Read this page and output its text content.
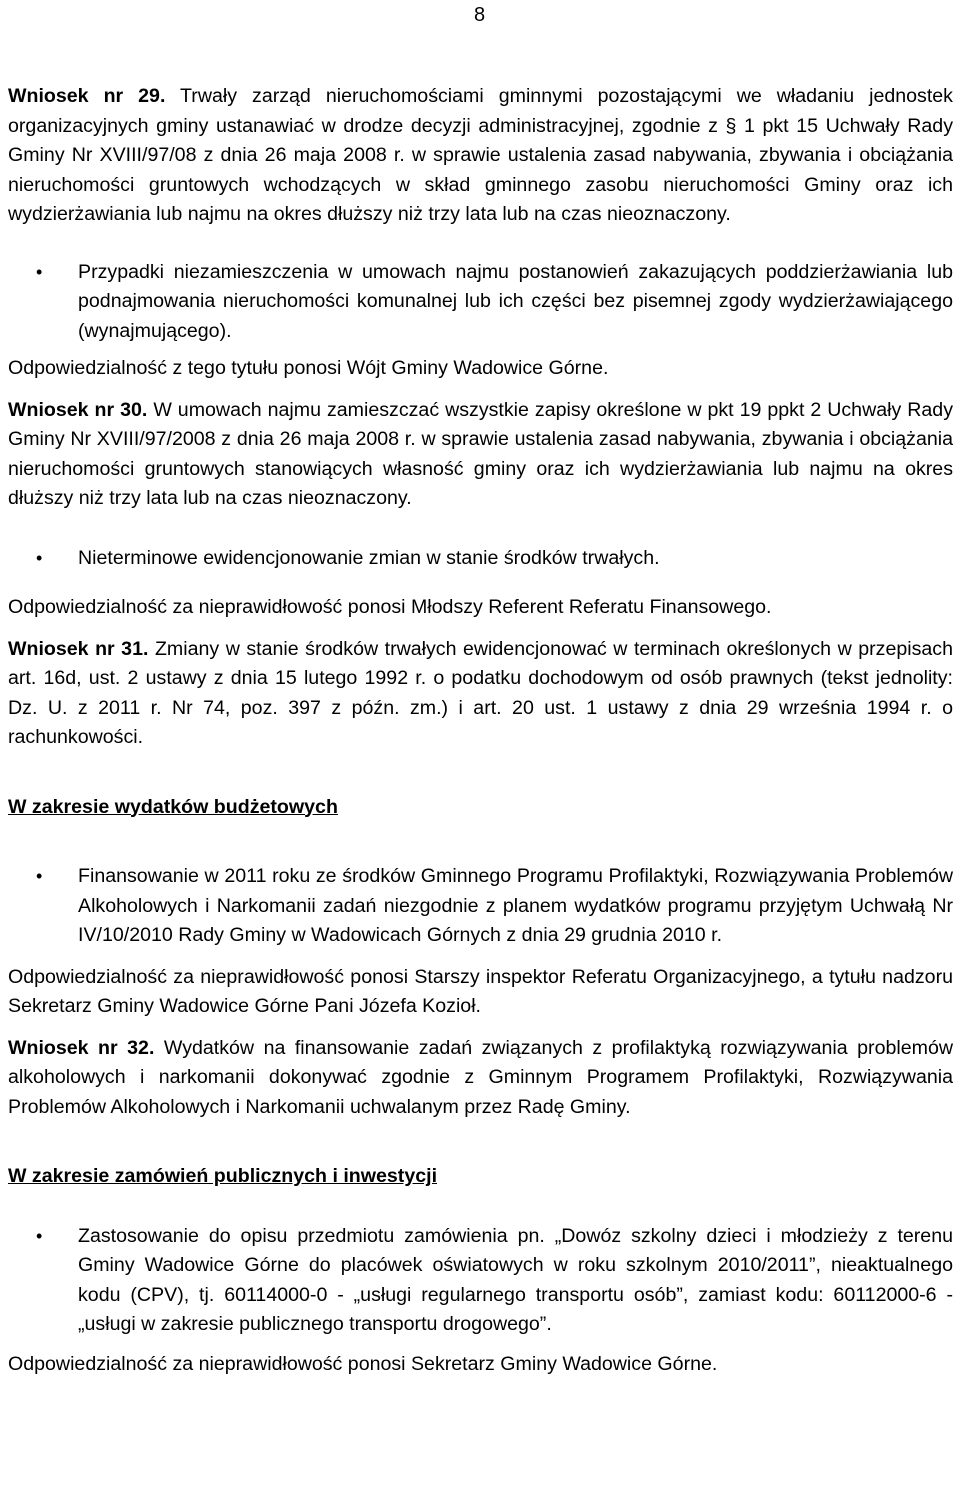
8

Wniosek nr 29. Trwały zarząd nieruchomościami gminnymi pozostającymi we władaniu jednostek organizacyjnych gminy ustanawiać w drodze decyzji administracyjnej, zgodnie z § 1 pkt 15 Uchwały Rady Gminy Nr XVIII/97/08 z dnia 26 maja 2008 r. w sprawie ustalenia zasad nabywania, zbywania i obciążania nieruchomości gruntowych wchodzących w skład gminnego zasobu nieruchomości Gminy oraz ich wydzierżawiania lub najmu na okres dłuższy niż trzy lata lub na czas nieoznaczony.

• Przypadki niezamieszczenia w umowach najmu postanowień zakazujących poddzierżawiania lub podnajmowania nieruchomości komunalnej lub ich części bez pisemnej zgody wydzierżawiającego (wynajmującego).

Odpowiedzialność z tego tytułu ponosi Wójt Gminy Wadowice Górne.

Wniosek nr 30. W umowach najmu zamieszczać wszystkie zapisy określone w pkt 19 ppkt 2 Uchwały Rady Gminy Nr XVIII/97/2008 z dnia 26 maja 2008 r. w sprawie ustalenia zasad nabywania, zbywania i obciążania nieruchomości gruntowych stanowiących własność gminy oraz ich wydzierżawiania lub najmu na okres dłuższy niż trzy lata lub na czas nieoznaczony.

• Nieterminowe ewidencjonowanie zmian w stanie środków trwałych.

Odpowiedzialność za nieprawidłowość ponosi Młodszy Referent Referatu Finansowego.

Wniosek nr 31. Zmiany w stanie środków trwałych ewidencjonować w terminach określonych w przepisach art. 16d, ust. 2 ustawy z dnia 15 lutego 1992 r. o podatku dochodowym od osób prawnych (tekst jednolity: Dz. U. z 2011 r. Nr 74, poz. 397 z późn. zm.) i art. 20 ust. 1 ustawy z dnia 29 września 1994 r. o rachunkowości.

W zakresie wydatków budżetowych

• Finansowanie w 2011 roku ze środków Gminnego Programu Profilaktyki, Rozwiązywania Problemów Alkoholowych i Narkomanii zadań niezgodnie z planem wydatków programu przyjętym Uchwałą Nr IV/10/2010 Rady Gminy w Wadowicach Górnych z dnia 29 grudnia 2010 r.

Odpowiedzialność za nieprawidłowość ponosi Starszy inspektor Referatu Organizacyjnego, a tytułu nadzoru Sekretarz Gminy Wadowice Górne Pani Józefa Kozioł.

Wniosek nr 32. Wydatków na finansowanie zadań związanych z profilaktyką rozwiązywania problemów alkoholowych i narkomanii dokonywać zgodnie z Gminnym Programem Profilaktyki, Rozwiązywania Problemów Alkoholowych i Narkomanii uchwalanym przez Radę Gminy.

W zakresie zamówień publicznych i inwestycji

• Zastosowanie do opisu przedmiotu zamówienia pn. „Dowóz szkolny dzieci i młodzieży z terenu Gminy Wadowice Górne do placówek oświatowych w roku szkolnym 2010/2011”, nieaktualnego kodu (CPV), tj. 60114000-0 - „usługi regularnego transportu osób”, zamiast kodu: 60112000-6 - „usługi w zakresie publicznego transportu drogowego”.

Odpowiedzialność za nieprawidłowość ponosi Sekretarz Gminy Wadowice Górne.
